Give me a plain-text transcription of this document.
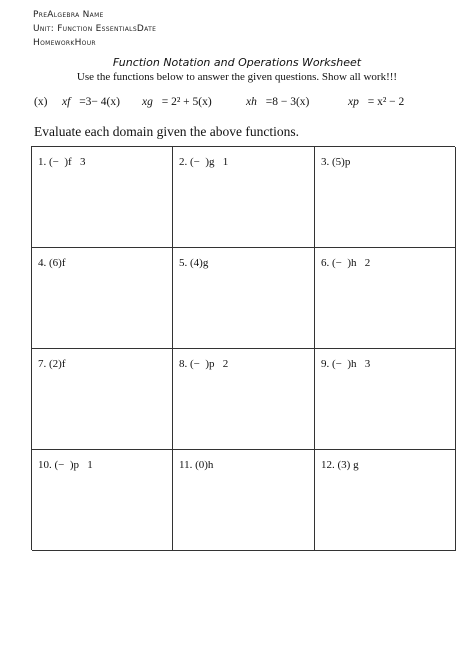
PreAlgebra Name
Unit: Function EssentialsDate
HomeworkHour
Function Notation and Operations Worksheet
Use the functions below to answer the given questions. Show all work!!!
(x) xf =3− 4(x) xg = 2² + 5(x)	xh =8 − 3(x)	xp = x² − 2
Evaluate each domain given the above functions.
1. (−  )f   3	2. (−  )g   1	3. (5)p
4. (6)f	5. (4)g	6. (−  )h   2
7. (2)f	8. (−  )p   2	9. (−  )h   3
10. (−  )p   1	11. (0)h	12. (3) g
